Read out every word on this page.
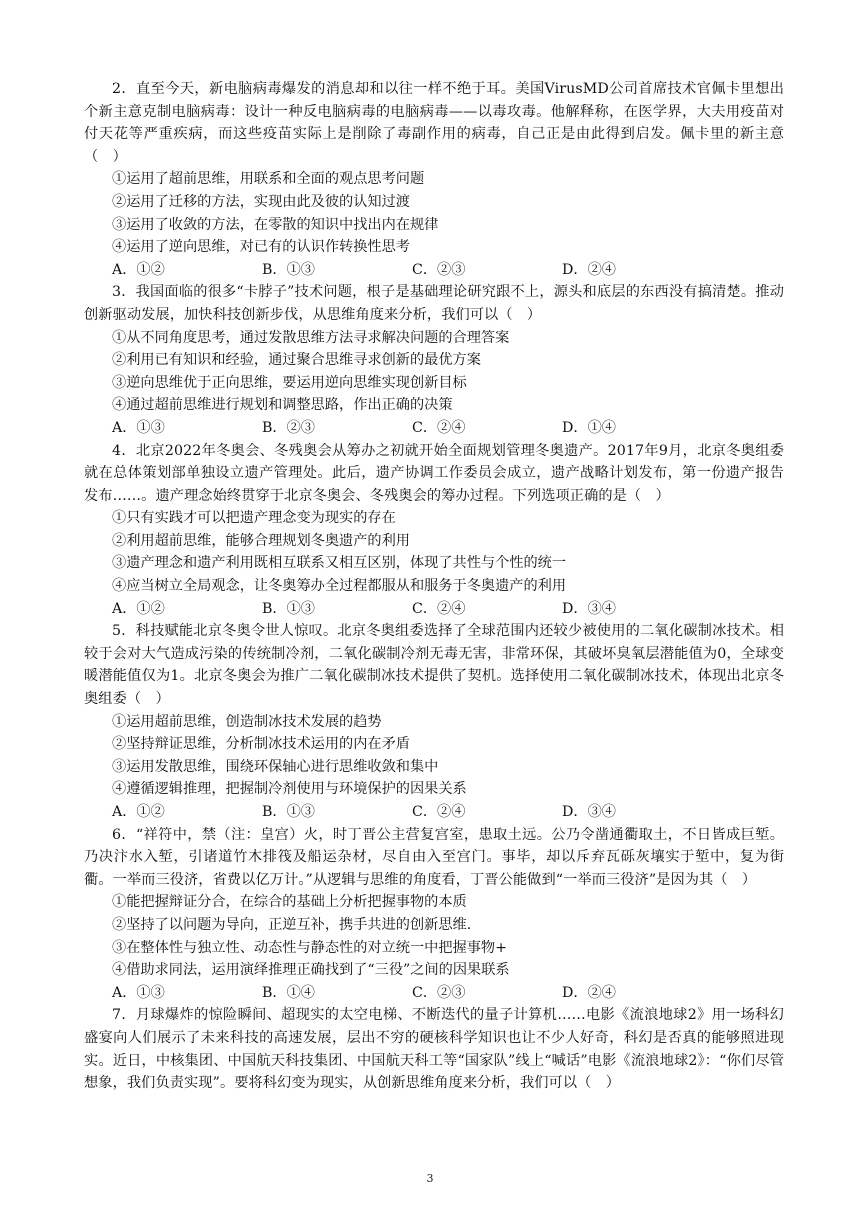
2．直至今天，新电脑病毒爆发的消息却和以往一样不绝于耳。美国VirusMD公司首席技术官佩卡里想出个新主意克制电脑病毒：设计一种反电脑病毒的电脑病毒——以毒攻毒。他解释称，在医学界，大夫用疫苗对付天花等严重疾病，而这些疫苗实际上是削除了毒副作用的病毒，自己正是由此得到启发。佩卡里的新主意（　）

①运用了超前思维，用联系和全面的观点思考问题

②运用了迁移的方法，实现由此及彼的认知过渡

③运用了收敛的方法，在零散的知识中找出内在规律

④运用了逆向思维，对已有的认识作转换性思考

A．①②	B．①③	C．②③	D．②④

3．我国面临的很多“卡脖子”技术问题，根子是基础理论研究跟不上，源头和底层的东西没有搞清楚。推动创新驱动发展，加快科技创新步伐，从思维角度来分析，我们可以（　）

①从不同角度思考，通过发散思维方法寻求解决问题的合理答案

②利用已有知识和经验，通过聚合思维寻求创新的最优方案

③逆向思维优于正向思维，要运用逆向思维实现创新目标

④通过超前思维进行规划和调整思路，作出正确的决策

A．①③	B．②③	C．②④	D．①④

4．北京2022年冬奥会、冬残奥会从筹办之初就开始全面规划管理冬奥遗产。2017年9月，北京冬奥组委就在总体策划部单独设立遗产管理处。此后，遗产协调工作委员会成立，遗产战略计划发布，第一份遗产报告发布……。遗产理念始终贯穿于北京冬奥会、冬残奥会的筹办过程。下列选项正确的是（　）

①只有实践才可以把遗产理念变为现实的存在

②利用超前思维，能够合理规划冬奥遗产的利用

③遗产理念和遗产利用既相互联系又相互区别，体现了共性与个性的统一

④应当树立全局观念，让冬奥筹办全过程都服从和服务于冬奥遗产的利用

A．①②	B．①③	C．②④	D．③④

5．科技赋能北京冬奥令世人惊叹。北京冬奥组委选择了全球范围内还较少被使用的二氧化碳制冰技术。相较于会对大气造成污染的传统制冷剂，二氧化碳制冷剂无毒无害，非常环保，其破坏臭氧层潜能值为0，全球变暖潜能值仅为1。北京冬奥会为推广二氧化碳制冰技术提供了契机。选择使用二氧化碳制冰技术，体现出北京冬奥组委（　）

①运用超前思维，创造制冰技术发展的趋势

②坚持辩证思维，分析制冰技术运用的内在矛盾

③运用发散思维，围绕环保轴心进行思维收敛和集中

④遵循逻辑推理，把握制冷剂使用与环境保护的因果关系

A．①②	B．①③	C．②④	D．③④

6．“祥符中，禁（注：皇宫）火，时丁晋公主营复宫室，患取土远。公乃令凿通衢取土，不日皆成巨堑。乃决汴水入堑，引诸道竹木排筏及船运杂材，尽自由入至宫门。事毕，却以斥弃瓦砾灰壤实于堑中，复为街衢。一举而三役济，省费以亿万计。”从逻辑与思维的角度看，丁晋公能做到“一举而三役济”是因为其（　）

①能把握辩证分合，在综合的基础上分析把握事物的本质

②坚持了以问题为导向，正逆互补，携手共进的创新思维.

③在整体性与独立性、动态性与静态性的对立统一中把握事物+

④借助求同法，运用演绎推理正确找到了“三役”之间的因果联系

A．①③	B．①④	C．②③	D．②④

7．月球爆炸的惊险瞬间、超现实的太空电梯、不断迭代的量子计算机……电影《流浪地球2》用一场科幻盛宴向人们展示了未来科技的高速发展，层出不穷的硬核科学知识也让不少人好奇，科幻是否真的能够照进现实。近日，中核集团、中国航天科技集团、中国航天科工等“国家队”线上“喊话”电影《流浪地球2》：“你们尽管想象，我们负责实现”。要将科幻变为现实，从创新思维角度来分析，我们可以（　）

3
